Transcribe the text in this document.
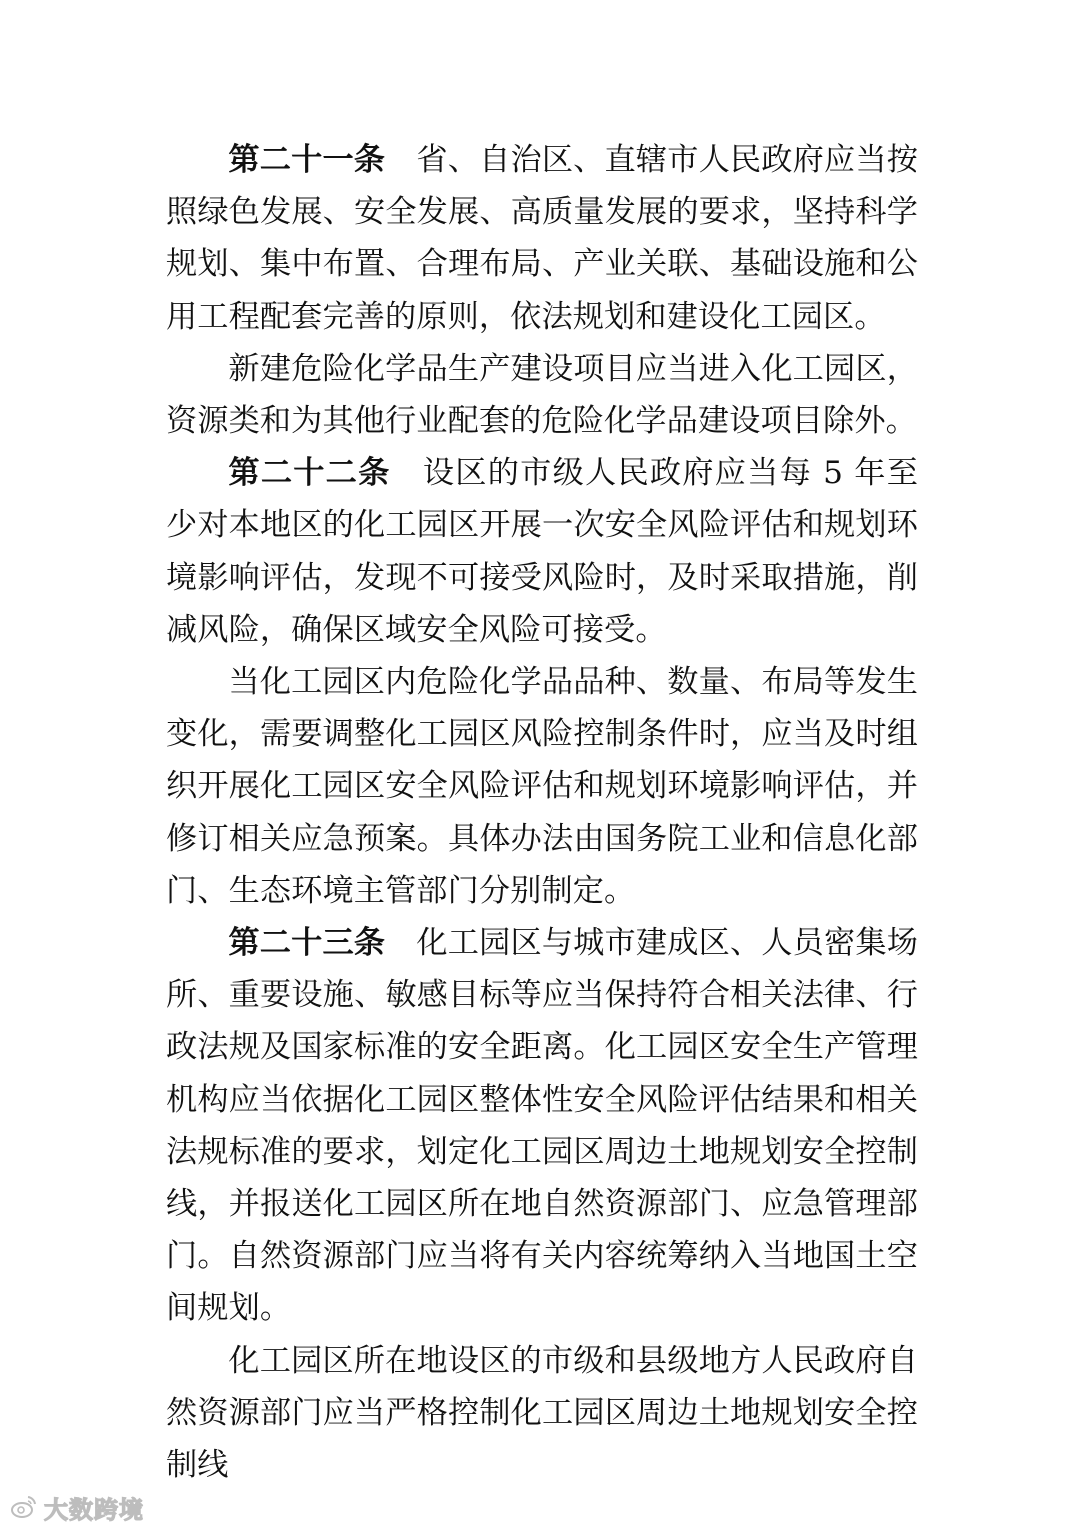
第二十一条 省、自治区、直辖市人民政府应当按照绿色发展、安全发展、高质量发展的要求，坚持科学规划、集中布置、合理布局、产业关联、基础设施和公用工程配套完善的原则，依法规划和建设化工园区。

新建危险化学品生产建设项目应当进入化工园区，资源类和为其他行业配套的危险化学品建设项目除外。

第二十二条 设区的市级人民政府应当每 5 年至少对本地区的化工园区开展一次安全风险评估和规划环境影响评估，发现不可接受风险时，及时采取措施，削减风险，确保区域安全风险可接受。

当化工园区内危险化学品品种、数量、布局等发生变化，需要调整化工园区风险控制条件时，应当及时组织开展化工园区安全风险评估和规划环境影响评估，并修订相关应急预案。具体办法由国务院工业和信息化部门、生态环境主管部门分别制定。

第二十三条 化工园区与城市建成区、人员密集场所、重要设施、敏感目标等应当保持符合相关法律、行政法规及国家标准的安全距离。化工园区安全生产管理机构应当依据化工园区整体性安全风险评估结果和相关法规标准的要求，划定化工园区周边土地规划安全控制线，并报送化工园区所在地自然资源部门、应急管理部门。自然资源部门应当将有关内容统筹纳入当地国土空间规划。

化工园区所在地设区的市级和县级地方人民政府自然资源部门应当严格控制化工园区周边土地规划安全控制线

大数跨境
